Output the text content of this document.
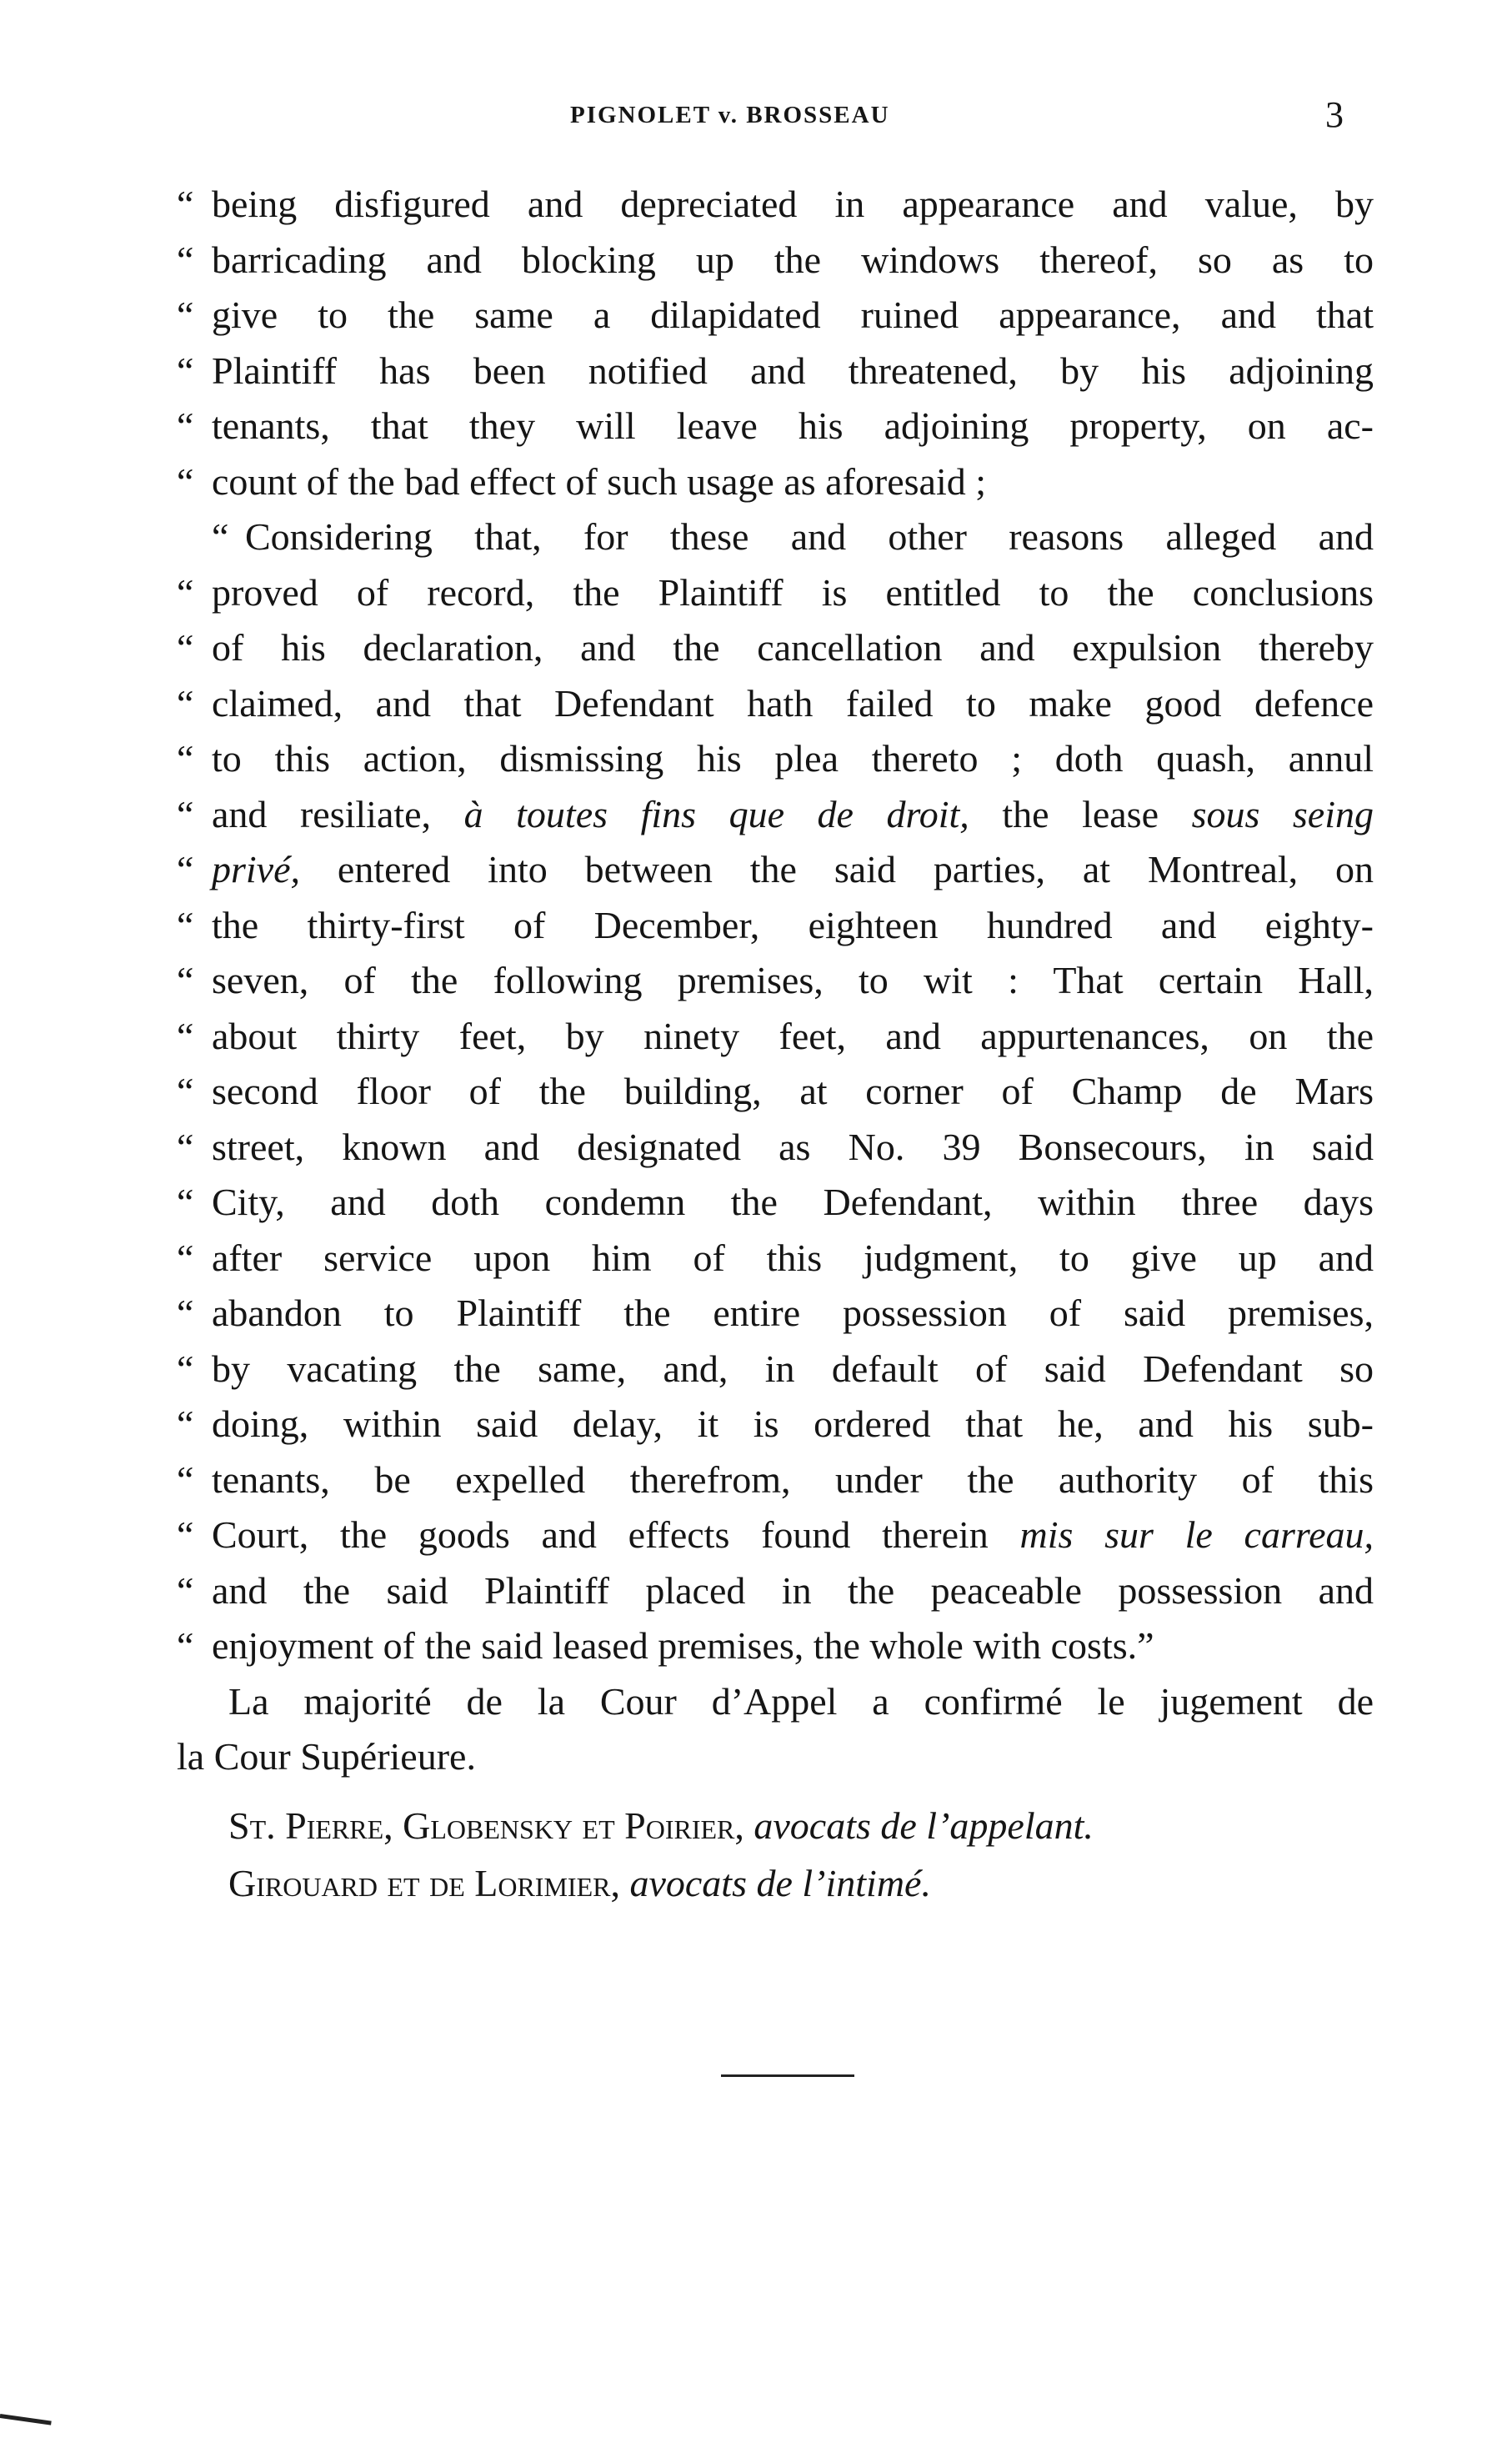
PIGNOLET v. BROSSEAU	3
“ being disfigured and depreciated in appearance and value, by
“ barricading and blocking up the windows thereof, so as to
“ give to the same a dilapidated ruined appearance, and that
“ Plaintiff has been notified and threatened, by his adjoining
“ tenants, that they will leave his adjoining property, on ac-
“ count of the bad effect of such usage as aforesaid ;
“ Considering that, for these and other reasons alleged and
“ proved of record, the Plaintiff is entitled to the conclusions
“ of his declaration, and the cancellation and expulsion thereby
“ claimed, and that Defendant hath failed to make good defence
“ to this action, dismissing his plea thereto ; doth quash, annul
“ and resiliate, à toutes fins que de droit, the lease sous seing
“ privé, entered into between the said parties, at Montreal, on
“ the thirty-first of December, eighteen hundred and eighty-
“ seven, of the following premises, to wit : That certain Hall,
“ about thirty feet, by ninety feet, and appurtenances, on the
“ second floor of the building, at corner of Champ de Mars
“ street, known and designated as No. 39 Bonsecours, in said
“ City, and doth condemn the Defendant, within three days
“ after service upon him of this judgment, to give up and
“ abandon to Plaintiff the entire possession of said premises,
“ by vacating the same, and, in default of said Defendant so
“ doing, within said delay, it is ordered that he, and his sub-
“ tenants, be expelled therefrom, under the authority of this
“ Court, the goods and effects found therein mis sur le carreau,
“ and the said Plaintiff placed in the peaceable possession and
“ enjoyment of the said leased premises, the whole with costs.”
La majorité de la Cour d’Appel a confirmé le jugement de
la Cour Supérieure.
St. Pierre, Globensky et Poirier, avocats de l’appelant.
Girouard et de Lorimier, avocats de l’intimé.
